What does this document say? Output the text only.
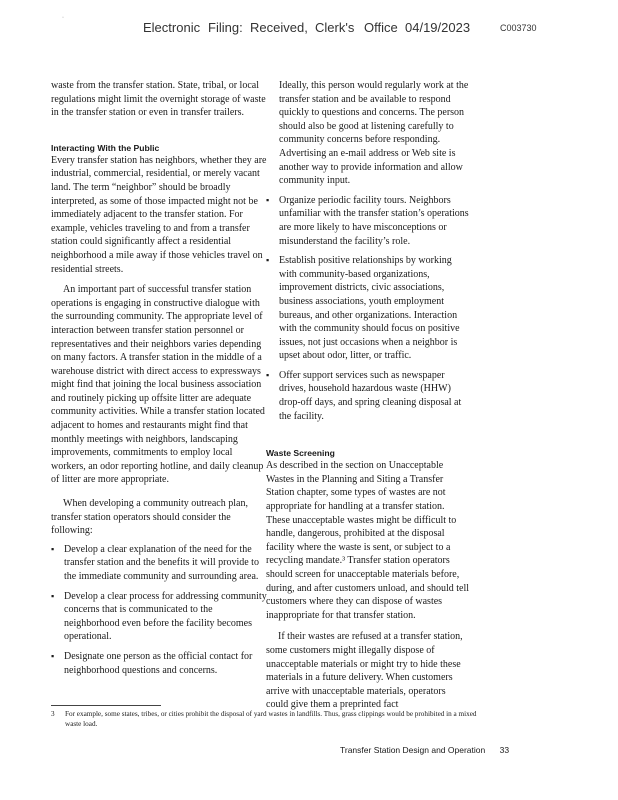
·
Electronic Filing: Received, Clerk's Office 04/19/2023	C003730

waste from the transfer station. State, tribal, or local regulations might limit the overnight storage of waste in the transfer station or even in transfer trailers.

Interacting With the Public

Every transfer station has neighbors, whether they are industrial, commercial, residential, or merely vacant land. The term “neighbor” should be broadly interpreted, as some of those impacted might not be immediately adjacent to the transfer station. For example, vehicles traveling to and from a transfer station could significantly affect a residential neighborhood a mile away if those vehicles travel on residential streets.

An important part of successful transfer station operations is engaging in constructive dialogue with the surrounding community. The appropriate level of interaction between transfer station personnel or representatives and their neighbors varies depending on many factors. A transfer station in the middle of a warehouse district with direct access to expressways might find that joining the local business association and routinely picking up offsite litter are adequate community activities. While a transfer station located adjacent to homes and restaurants might find that monthly meetings with neighbors, landscaping improvements, commitments to employ local workers, an odor reporting hotline, and daily cleanup of litter are more appropriate.

When developing a community outreach plan, transfer station operators should consider the following:

▪ Develop a clear explanation of the need for the transfer station and the benefits it will provide to the immediate community and surrounding area.
▪ Develop a clear process for addressing community concerns that is communicated to the neighborhood even before the facility becomes operational.
▪ Designate one person as the official contact for neighborhood questions and concerns.

Ideally, this person would regularly work at the transfer station and be available to respond quickly to questions and concerns. The person should also be good at listening carefully to community concerns before responding. Advertising an e-mail address or Web site is another way to provide information and allow community input.

▪ Organize periodic facility tours. Neighbors unfamiliar with the transfer station’s operations are more likely to have misconceptions or misunderstand the facility’s role.
▪ Establish positive relationships by working with community-based organizations, improvement districts, civic associations, business associations, youth employment bureaus, and other organizations. Interaction with the community should focus on positive issues, not just occasions when a neighbor is upset about odor, litter, or traffic.
▪ Offer support services such as newspaper drives, household hazardous waste (HHW) drop-off days, and spring cleaning disposal at the facility.
Waste Screening

As described in the section on Unacceptable Wastes in the Planning and Siting a Transfer Station chapter, some types of wastes are not appropriate for handling at a transfer station. These unacceptable wastes might be difficult to handle, dangerous, prohibited at the disposal facility where the waste is sent, or subject to a recycling mandate.³ Transfer station operators should screen for unacceptable materials before, during, and after customers unload, and should tell customers where they can dispose of wastes inappropriate for that transfer station.

If their wastes are refused at a transfer station, some customers might illegally dispose of unacceptable materials or might try to hide these materials in a future delivery. When customers arrive with unacceptable materials, operators could give them a preprinted fact

3 For example, some states, tribes, or cities prohibit the disposal of yard wastes in landfills. Thus, grass clippings would be prohibited in a mixed waste load.
Transfer Station Design and Operation 33
